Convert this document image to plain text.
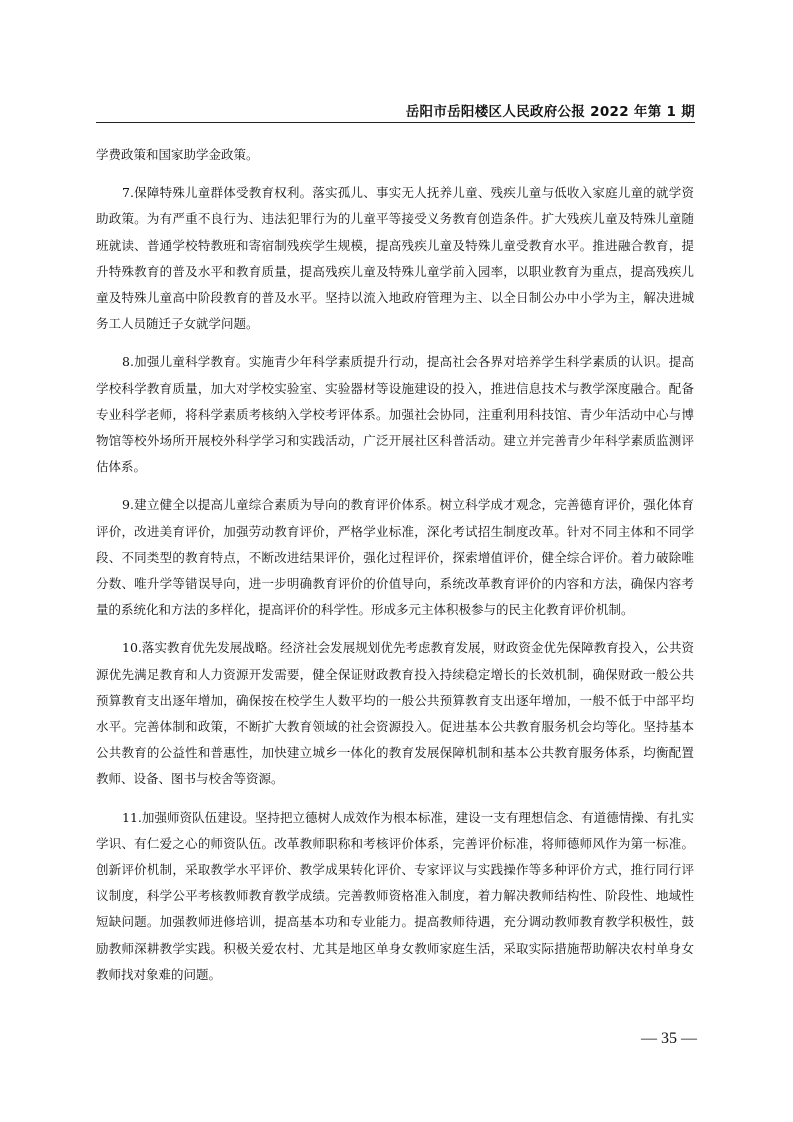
岳阳市岳阳楼区人民政府公报 2022 年第 1 期

学费政策和国家助学金政策。

7.保障特殊儿童群体受教育权利。落实孤儿、事实无人抚养儿童、残疾儿童与低收入家庭儿童的就学资助政策。为有严重不良行为、违法犯罪行为的儿童平等接受义务教育创造条件。扩大残疾儿童及特殊儿童随班就读、普通学校特教班和寄宿制残疾学生规模，提高残疾儿童及特殊儿童受教育水平。推进融合教育，提升特殊教育的普及水平和教育质量，提高残疾儿童及特殊儿童学前入园率，以职业教育为重点，提高残疾儿童及特殊儿童高中阶段教育的普及水平。坚持以流入地政府管理为主、以全日制公办中小学为主，解决进城务工人员随迁子女就学问题。

8.加强儿童科学教育。实施青少年科学素质提升行动，提高社会各界对培养学生科学素质的认识。提高学校科学教育质量，加大对学校实验室、实验器材等设施建设的投入，推进信息技术与教学深度融合。配备专业科学老师，将科学素质考核纳入学校考评体系。加强社会协同，注重利用科技馆、青少年活动中心与博物馆等校外场所开展校外科学学习和实践活动，广泛开展社区科普活动。建立并完善青少年科学素质监测评估体系。

9.建立健全以提高儿童综合素质为导向的教育评价体系。树立科学成才观念，完善德育评价，强化体育评价，改进美育评价，加强劳动教育评价，严格学业标准，深化考试招生制度改革。针对不同主体和不同学段、不同类型的教育特点，不断改进结果评价，强化过程评价，探索增值评价，健全综合评价。着力破除唯分数、唯升学等错误导向，进一步明确教育评价的价值导向，系统改革教育评价的内容和方法，确保内容考量的系统化和方法的多样化，提高评价的科学性。形成多元主体积极参与的民主化教育评价机制。

10.落实教育优先发展战略。经济社会发展规划优先考虑教育发展，财政资金优先保障教育投入，公共资源优先满足教育和人力资源开发需要，健全保证财政教育投入持续稳定增长的长效机制，确保财政一般公共预算教育支出逐年增加，确保按在校学生人数平均的一般公共预算教育支出逐年增加，一般不低于中部平均水平。完善体制和政策，不断扩大教育领域的社会资源投入。促进基本公共教育服务机会均等化。坚持基本公共教育的公益性和普惠性，加快建立城乡一体化的教育发展保障机制和基本公共教育服务体系，均衡配置教师、设备、图书与校舍等资源。

11.加强师资队伍建设。坚持把立德树人成效作为根本标准，建设一支有理想信念、有道德情操、有扎实学识、有仁爱之心的师资队伍。改革教师职称和考核评价体系，完善评价标准，将师德师风作为第一标准。创新评价机制，采取教学水平评价、教学成果转化评价、专家评议与实践操作等多种评价方式，推行同行评议制度，科学公平考核教师教育教学成绩。完善教师资格准入制度，着力解决教师结构性、阶段性、地域性短缺问题。加强教师进修培训，提高基本功和专业能力。提高教师待遇，充分调动教师教育教学积极性，鼓励教师深耕教学实践。积极关爱农村、尤其是地区单身女教师家庭生活，采取实际措施帮助解决农村单身女教师找对象难的问题。

— 35 —
